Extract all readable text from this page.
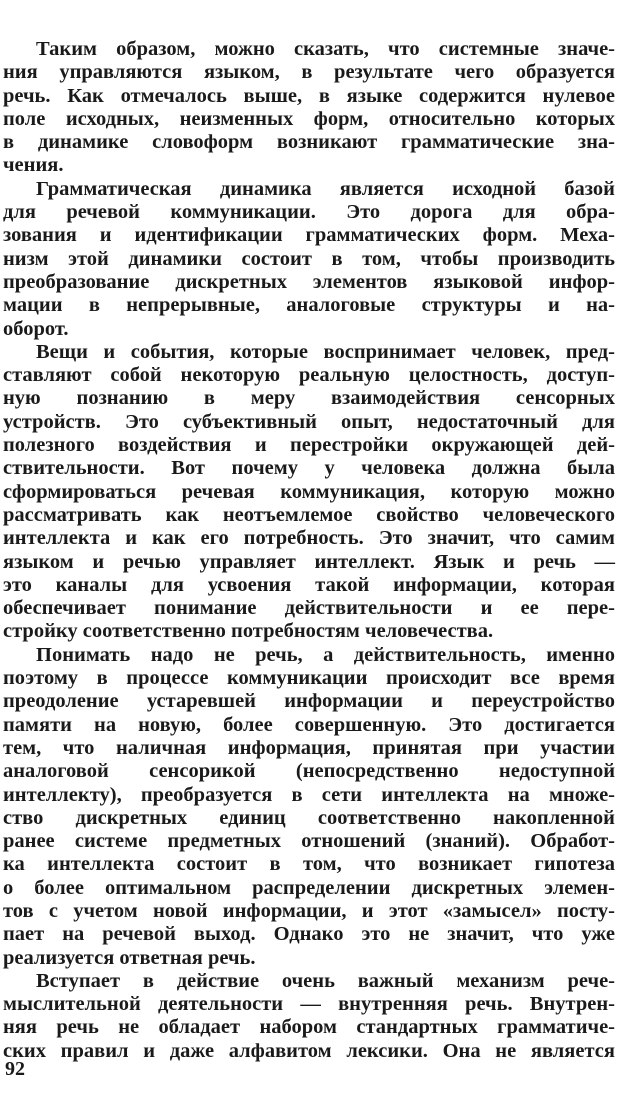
Таким образом, можно сказать, что системные значе-
ния управляются языком, в результате чего образуется
речь. Как отмечалось выше, в языке содержится нулевое
поле исходных, неизменных форм, относительно которых
в динамике словоформ возникают грамматические зна-
чения.
Грамматическая динамика является исходной базой
для речевой коммуникации. Это дорога для обра-
зования и идентификации грамматических форм. Меха-
низм этой динамики состоит в том, чтобы производить
преобразование дискретных элементов языковой инфор-
мации в непрерывные, аналоговые структуры и на-
оборот.
Вещи и события, которые воспринимает человек, пред-
ставляют собой некоторую реальную целостность, доступ-
ную познанию в меру взаимодействия сенсорных
устройств. Это субъективный опыт, недостаточный для
полезного воздействия и перестройки окружающей дей-
ствительности. Вот почему у человека должна была
сформироваться речевая коммуникация, которую можно
рассматривать как неотъемлемое свойство человеческого
интеллекта и как его потребность. Это значит, что самим
языком и речью управляет интеллект. Язык и речь —
это каналы для усвоения такой информации, которая
обеспечивает понимание действительности и ее пере-
стройку соответственно потребностям человечества.
Понимать надо не речь, а действительность, именно
поэтому в процессе коммуникации происходит все время
преодоление устаревшей информации и переустройство
памяти на новую, более совершенную. Это достигается
тем, что наличная информация, принятая при участии
аналоговой сенсорикой (непосредственно недоступной
интеллекту), преобразуется в сети интеллекта на множе-
ство дискретных единиц соответственно накопленной
ранее системе предметных отношений (знаний). Обработ-
ка интеллекта состоит в том, что возникает гипотеза
о более оптимальном распределении дискретных элемен-
тов с учетом новой информации, и этот «замысел» посту-
пает на речевой выход. Однако это не значит, что уже
реализуется ответная речь.
Вступает в действие очень важный механизм рече-
мыслительной деятельности — внутренняя речь. Внутрен-
няя речь не обладает набором стандартных грамматиче-
ских правил и даже алфавитом лексики. Она не является
92
